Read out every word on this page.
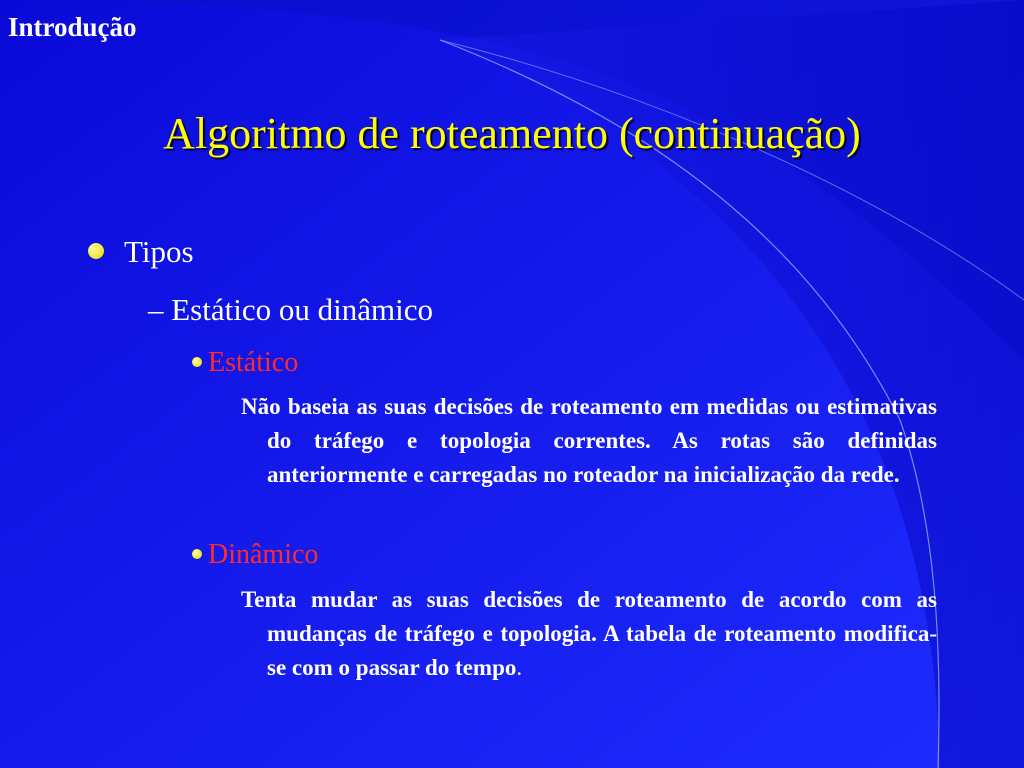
Introdução
Algoritmo de roteamento (continuação)
Tipos
– Estático ou dinâmico
Estático
Não baseia as suas decisões de roteamento em medidas ou estimativas do tráfego e topologia correntes. As rotas são definidas anteriormente e carregadas no roteador na inicialização da rede.
Dinâmico
Tenta mudar as suas decisões de roteamento de acordo com as mudanças de tráfego e topologia. A tabela de roteamento modifica-se com o passar do tempo.
